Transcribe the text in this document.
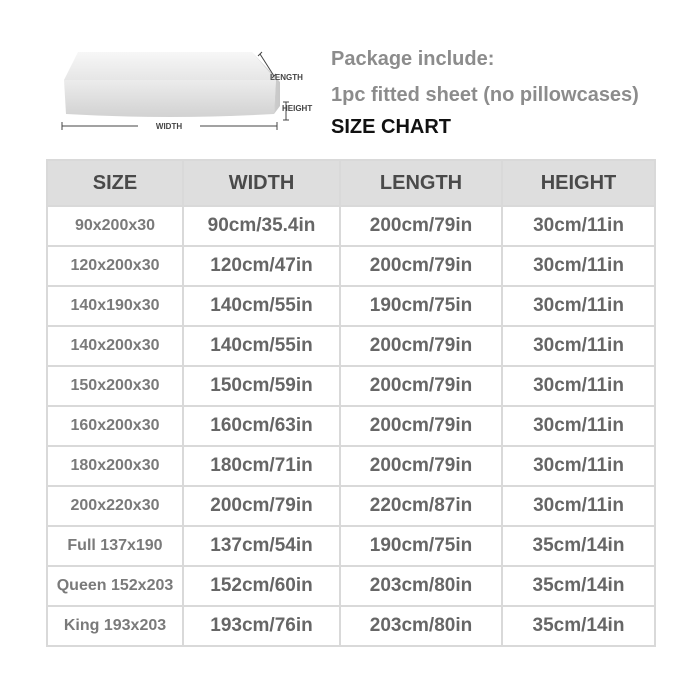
LENGTH
HEIGHT
WIDTH
Package include:
1pc fitted sheet (no pillowcases)
SIZE CHART
SIZE	WIDTH	LENGTH	HEIGHT
90x200x30	90cm/35.4in	200cm/79in	30cm/11in
120x200x30	120cm/47in	200cm/79in	30cm/11in
140x190x30	140cm/55in	190cm/75in	30cm/11in
140x200x30	140cm/55in	200cm/79in	30cm/11in
150x200x30	150cm/59in	200cm/79in	30cm/11in
160x200x30	160cm/63in	200cm/79in	30cm/11in
180x200x30	180cm/71in	200cm/79in	30cm/11in
200x220x30	200cm/79in	220cm/87in	30cm/11in
Full 137x190	137cm/54in	190cm/75in	35cm/14in
Queen 152x203	152cm/60in	203cm/80in	35cm/14in
King 193x203	193cm/76in	203cm/80in	35cm/14in
